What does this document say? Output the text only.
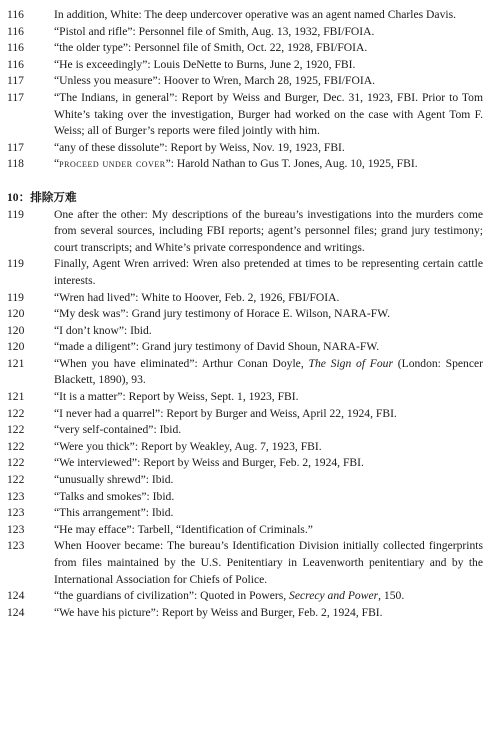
116	In addition, White: The deep undercover operative was an agent named Charles Davis.
116	“Pistol and rifle”: Personnel file of Smith, Aug. 13, 1932, FBI/FOIA.
116	“the older type”: Personnel file of Smith, Oct. 22, 1928, FBI/FOIA.
116	“He is exceedingly”: Louis DeNette to Burns, June 2, 1920, FBI.
117	“Unless you measure”: Hoover to Wren, March 28, 1925, FBI/FOIA.
117	“The Indians, in general”: Report by Weiss and Burger, Dec. 31, 1923, FBI. Prior to Tom White’s taking over the investigation, Burger had worked on the case with Agent Tom F. Weiss; all of Burger’s reports were filed jointly with him.
117	“any of these dissolute”: Report by Weiss, Nov. 19, 1923, FBI.
118	“proceed under cover”: Harold Nathan to Gus T. Jones, Aug. 10, 1925, FBI.
10：排除万难
119	One after the other: My descriptions of the bureau’s investigations into the murders come from several sources, including FBI reports; agent’s personnel files; grand jury testimony; court transcripts; and White’s private correspondence and writings.
119	Finally, Agent Wren arrived: Wren also pretended at times to be representing certain cattle interests.
119	“Wren had lived”: White to Hoover, Feb. 2, 1926, FBI/FOIA.
120	“My desk was”: Grand jury testimony of Horace E. Wilson, NARA-FW.
120	“I don’t know”: Ibid.
120	“made a diligent”: Grand jury testimony of David Shoun, NARA-FW.
121	“When you have eliminated”: Arthur Conan Doyle, The Sign of Four (London: Spencer Blackett, 1890), 93.
121	“It is a matter”: Report by Weiss, Sept. 1, 1923, FBI.
122	“I never had a quarrel”: Report by Burger and Weiss, April 22, 1924, FBI.
122	“very self-contained”: Ibid.
122	“Were you thick”: Report by Weakley, Aug. 7, 1923, FBI.
122	“We interviewed”: Report by Weiss and Burger, Feb. 2, 1924, FBI.
122	“unusually shrewd”: Ibid.
123	“Talks and smokes”: Ibid.
123	“This arrangement”: Ibid.
123	“He may efface”: Tarbell, “Identification of Criminals.”
123	When Hoover became: The bureau’s Identification Division initially collected fingerprints from files maintained by the U.S. Penitentiary in Leavenworth penitentiary and by the International Association for Chiefs of Police.
124	“the guardians of civilization”: Quoted in Powers, Secrecy and Power, 150.
124	“We have his picture”: Report by Weiss and Burger, Feb. 2, 1924, FBI.
